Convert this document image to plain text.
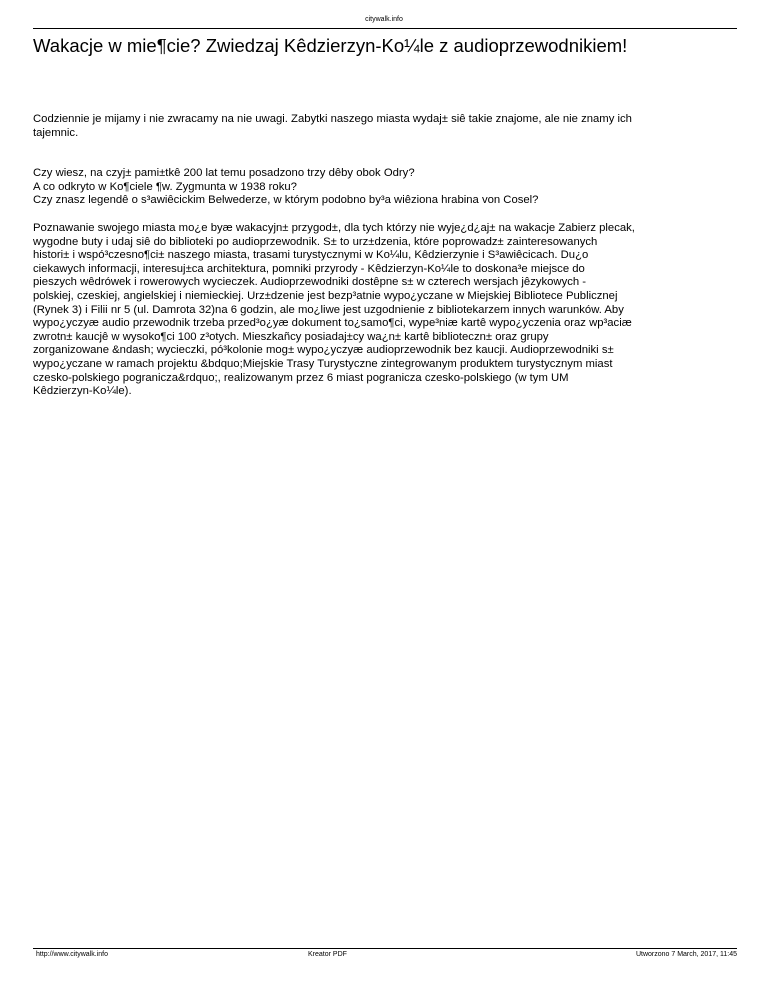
citywalk.info
Wakacje w mie¶cie? Zwiedzaj Kêdzierzyn-Ko¼le z audioprzewodnikiem!

Codziennie je mijamy i nie zwracamy na nie uwagi. Zabytki naszego miasta wydaj± siê takie znajome, ale nie znamy ich
tajemnic.

Czy wiesz, na czyj± pami±tkê 200 lat temu posadzono trzy dêby obok Odry?
A co odkryto w Ko¶ciele ¶w. Zygmunta w 1938 roku?
Czy znasz legendê o s³awiêcickim Belwederze, w którym podobno by³a wiêziona hrabina von Cosel?

Poznawanie swojego miasta mo¿e byæ wakacyjn± przygod±, dla tych którzy nie wyje¿d¿aj± na wakacje Zabierz plecak,
wygodne buty i udaj siê do biblioteki po audioprzewodnik. S± to urz±dzenia, które poprowadz± zainteresowanych
histori± i wspó³czesno¶ci± naszego miasta, trasami turystycznymi w Ko¼lu, Kêdzierzynie i S³awiêcicach. Du¿o
ciekawych informacji, interesuj±ca architektura, pomniki przyrody - Kêdzierzyn-Ko¼le to doskona³e miejsce do
pieszych wêdrówek i rowerowych wycieczek. Audioprzewodniki dostêpne s± w czterech wersjach jêzykowych -
polskiej, czeskiej, angielskiej i niemieckiej. Urz±dzenie jest bezp³atnie wypo¿yczane w Miejskiej Bibliotece Publicznej
(Rynek 3) i Filii nr 5 (ul. Damrota 32)na 6 godzin, ale mo¿liwe jest uzgodnienie z bibliotekarzem innych warunków. Aby
wypo¿yczyæ audio przewodnik trzeba przed³o¿yæ dokument to¿samo¶ci, wype³niæ kartê wypo¿yczenia oraz wp³aciæ
zwrotn± kaucjê w wysoko¶ci 100 z³otych. Mieszkañcy posiadaj±cy wa¿n± kartê biblioteczn± oraz grupy
zorganizowane &ndash; wycieczki, pó³kolonie mog± wypo¿yczyæ audioprzewodnik bez kaucji. Audioprzewodniki s±
wypo¿yczane w ramach projektu &bdquo;Miejskie Trasy Turystyczne zintegrowanym produktem turystycznym miast
czesko-polskiego pogranicza&rdquo;, realizowanym przez 6 miast pogranicza czesko-polskiego (w tym UM
Kêdzierzyn-Ko¼le).

http://www.citywalk.info	Kreator PDF	Utworzono 7 March, 2017, 11:45
